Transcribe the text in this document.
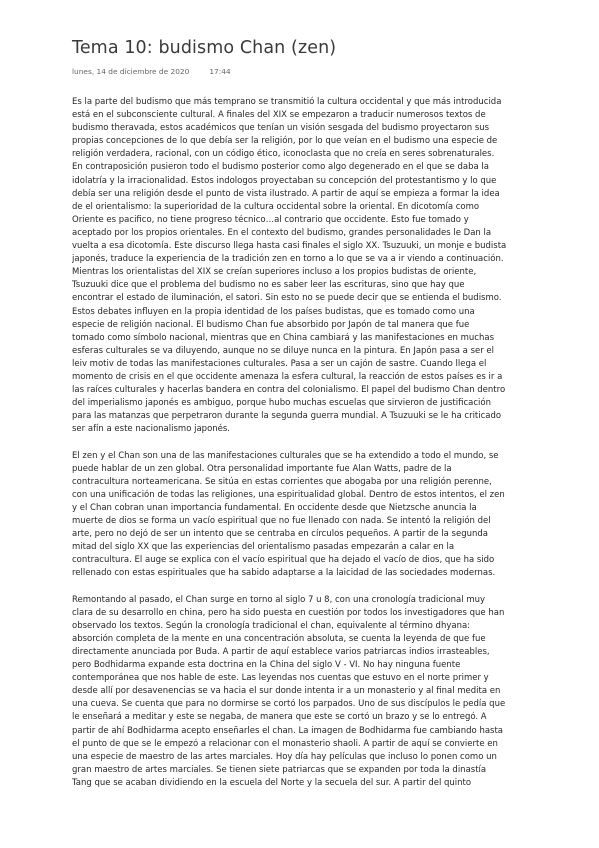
Tema 10: budismo Chan (zen)
lunes, 14 de diciembre de 2020	17:44
Es la parte del budismo que más temprano se transmitió la cultura occidental y que más introducida
está en el subconsciente cultural. A finales del XIX se empezaron a traducir numerosos textos de
budismo theravada, estos académicos que tenían un visión sesgada del budismo proyectaron sus
propias concepciones de lo que debía ser la religión, por lo que veían en el budismo una especie de
religión verdadera, racional, con un código ético, iconoclasta que no creía en seres sobrenaturales.
En contraposición pusieron todo el budismo posterior como algo degenerado en el que se daba la
idolatría y la irracionalidad. Estos indologos proyectaban su concepción del protestantismo y lo que
debía ser una religión desde el punto de vista ilustrado. A partir de aquí se empieza a formar la idea
de el orientalismo: la superioridad de la cultura occidental sobre la oriental. En dicotomía como
Oriente es pacifico, no tiene progreso técnico…al contrario que occidente. Esto fue tomado y
aceptado por los propios orientales. En el contexto del budismo, grandes personalidades le Dan la
vuelta a esa dicotomía. Este discurso llega hasta casi finales el siglo XX. Tsuzuuki, un monje e budista
japonés, traduce la experiencia de la tradición zen en torno a lo que se va a ir viendo a continuación.
Mientras los orientalistas del XIX se creían superiores incluso a los propios budistas de oriente,
Tsuzuuki dice que el problema del budismo no es saber leer las escrituras, sino que hay que
encontrar el estado de iluminación, el satori. Sin esto no se puede decir que se entienda el budismo.
Estos debates influyen en la propia identidad de los países budistas, que es tomado como una
especie de religión nacional. El budismo Chan fue absorbido por Japón de tal manera que fue
tomado como símbolo nacional, mientras que en China cambiará y las manifestaciones en muchas
esferas culturales se va diluyendo, aunque no se diluye nunca en la pintura. En Japón pasa a ser el
leiv motiv de todas las manifestaciones culturales. Pasa a ser un cajón de sastre. Cuando llega el
momento de crisis en el que occidente amenaza la esfera cultural, la reacción de estos países es ir a
las raíces culturales y hacerlas bandera en contra del colonialismo. El papel del budismo Chan dentro
del imperialismo japonés es ambiguo, porque hubo muchas escuelas que sirvieron de justificación
para las matanzas que perpetraron durante la segunda guerra mundial. A Tsuzuuki se le ha criticado
ser afín a este nacionalismo japonés.
El zen y el Chan son una de las manifestaciones culturales que se ha extendido a todo el mundo, se
puede hablar de un zen global. Otra personalidad importante fue Alan Watts, padre de la
contracultura norteamericana. Se sitúa en estas corrientes que abogaba por una religión perenne,
con una unificación de todas las religiones, una espiritualidad global. Dentro de estos intentos, el zen
y el Chan cobran unan importancia fundamental. En occidente desde que Nietzsche anuncia la
muerte de dios se forma un vacío espiritual que no fue llenado con nada. Se intentó la religión del
arte, pero no dejó de ser un intento que se centraba en círculos pequeños. A partir de la segunda
mitad del siglo XX que las experiencias del orientalismo pasadas empezarán a calar en la
contracultura. El auge se explica con el vacío espiritual que ha dejado el vacío de dios, que ha sido
rellenado con estas espirituales que ha sabido adaptarse a la laicidad de las sociedades modernas.
Remontando al pasado, el Chan surge en torno al siglo 7 u 8, con una cronología tradicional muy
clara de su desarrollo en china, pero ha sido puesta en cuestión por todos los investigadores que han
observado los textos. Según la cronología tradicional el chan, equivalente al término dhyana:
absorción completa de la mente en una concentración absoluta, se cuenta la leyenda de que fue
directamente anunciada por Buda. A partir de aquí establece varios patriarcas indios irrasteables,
pero Bodhidarma expande esta doctrina en la China del siglo V - VI. No hay ninguna fuente
contemporánea que nos hable de este. Las leyendas nos cuentas que estuvo en el norte primer y
desde allí por desavenencias se va hacia el sur donde intenta ir a un monasterio y al final medita en
una cueva. Se cuenta que para no dormirse se cortó los parpados. Uno de sus discípulos le pedía que
le enseñará a meditar y este se negaba, de manera que este se cortó un brazo y se lo entregó. A
partir de ahí Bodhidarma acepto enseñarles el chan. La imagen de Bodhidarma fue cambiando hasta
el punto de que se le empezó a relacionar con el monasterio shaoli. A partir de aquí se convierte en
una especie de maestro de las artes marciales. Hoy día hay películas que incluso lo ponen como un
gran maestro de artes marciales. Se tienen siete patriarcas que se expanden por toda la dinastía
Tang que se acaban dividiendo en la escuela del Norte y la secuela del sur. A partir del quinto
